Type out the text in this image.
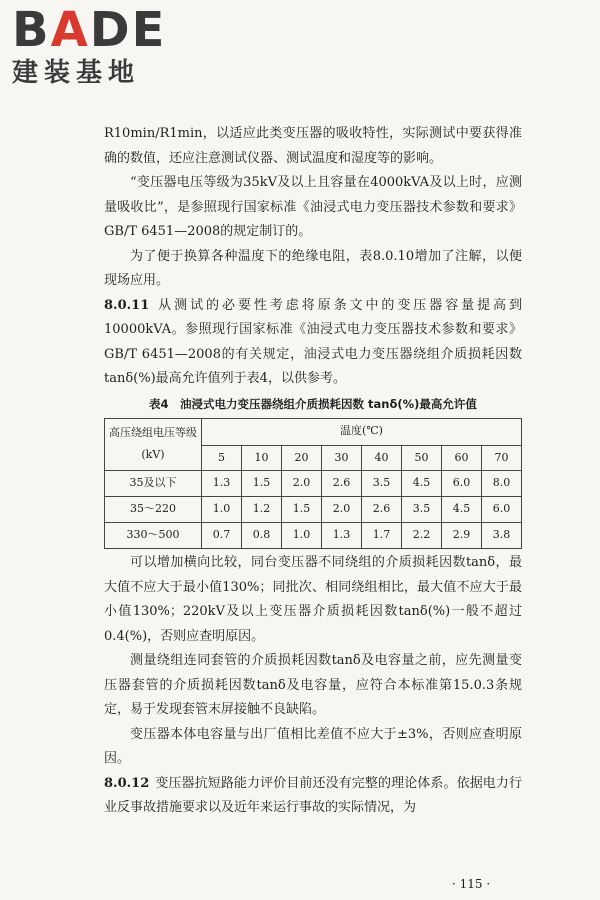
BADE
建装基地

R10min/R1min，以适应此类变压器的吸收特性，实际测试中要获得准确的数值，还应注意测试仪器、测试温度和湿度等的影响。

“变压器电压等级为35kV及以上且容量在4000kVA及以上时，应测量吸收比”，是参照现行国家标准《油浸式电力变压器技术参数和要求》GB/T 6451—2008的规定制订的。

为了便于换算各种温度下的绝缘电阻，表8.0.10增加了注解，以便现场应用。

8.0.11 从测试的必要性考虑将原条文中的变压器容量提高到10000kVA。参照现行国家标准《油浸式电力变压器技术参数和要求》GB/T 6451—2008的有关规定，油浸式电力变压器绕组介质损耗因数tanδ(%)最高允许值列于表4，以供参考。

表4　油浸式电力变压器绕组介质损耗因数 tanδ(%)最高允许值
高压绕组电压等级
(kV)	温度(℃)							
	5	10	20	30	40	50	60	70
35及以下	1.3	1.5	2.0	2.6	3.5	4.5	6.0	8.0
35～220	1.0	1.2	1.5	2.0	2.6	3.5	4.5	6.0
330～500	0.7	0.8	1.0	1.3	1.7	2.2	2.9	3.8

可以增加横向比较，同台变压器不同绕组的介质损耗因数tanδ，最大值不应大于最小值130%；同批次、相同绕组相比，最大值不应大于最小值130%；220kV及以上变压器介质损耗因数tanδ(%)一般不超过0.4(%)，否则应查明原因。

测量绕组连同套管的介质损耗因数tanδ及电容量之前，应先测量变压器套管的介质损耗因数tanδ及电容量，应符合本标准第15.0.3条规定，易于发现套管末屏接触不良缺陷。

变压器本体电容量与出厂值相比差值不应大于±3%，否则应查明原因。

8.0.12 变压器抗短路能力评价目前还没有完整的理论体系。依据电力行业反事故措施要求以及近年来运行事故的实际情况，为

· 115 ·
